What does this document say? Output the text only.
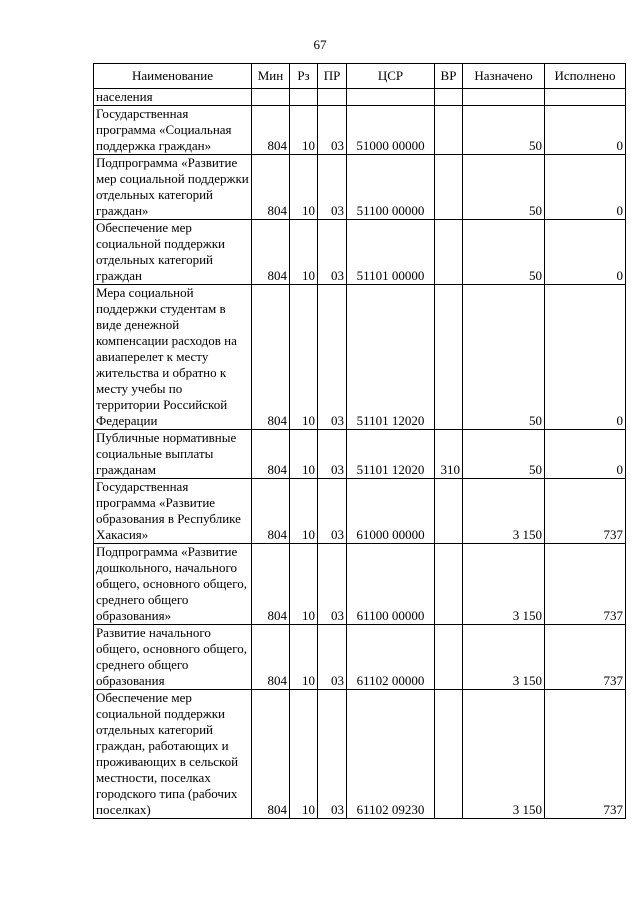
67
Наименование	Мин	Рз	ПР	ЦСР	ВР	Назначено	Исполнено
населения							
Государственная программа «Социальная поддержка граждан»	804	10	03	51000 00000		50	0
Подпрограмма «Развитие мер социальной поддержки отдельных категорий граждан»	804	10	03	51100 00000		50	0
Обеспечение мер социальной поддержки отдельных категорий граждан	804	10	03	51101 00000		50	0
Мера социальной поддержки студентам в виде денежной компенсации расходов на авиаперелет к месту жительства и обратно к месту учебы по территории Российской Федерации	804	10	03	51101 12020		50	0
Публичные нормативные социальные выплаты гражданам	804	10	03	51101 12020	310	50	0
Государственная программа «Развитие образования в Республике Хакасия»	804	10	03	61000 00000		3 150	737
Подпрограмма «Развитие дошкольного, начального общего, основного общего, среднего общего образования»	804	10	03	61100 00000		3 150	737
Развитие начального общего, основного общего, среднего общего образования	804	10	03	61102 00000		3 150	737
Обеспечение мер социальной поддержки отдельных категорий граждан, работающих и проживающих в сельской местности, поселках городского типа (рабочих поселках)	804	10	03	61102 09230		3 150	737
